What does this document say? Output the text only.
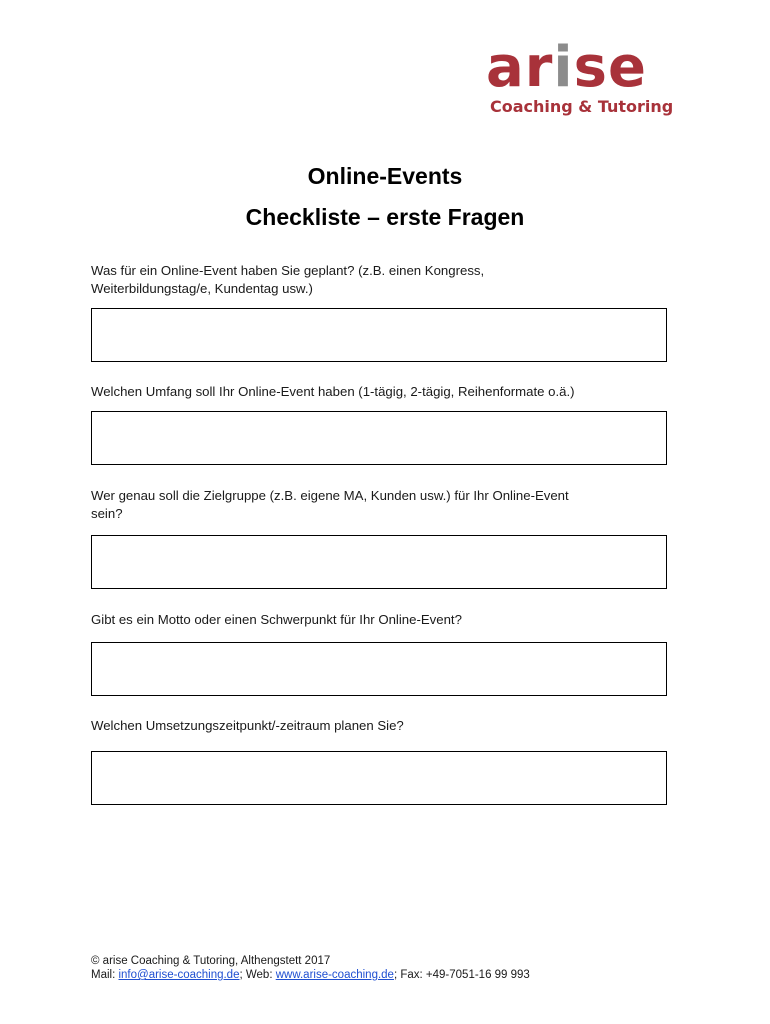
arise
Coaching & Tutoring
Online-Events
Checkliste – erste Fragen
Was für ein Online-Event haben Sie geplant? (z.B. einen Kongress,
Weiterbildungstag/e, Kundentag usw.)
Welchen Umfang soll Ihr Online-Event haben (1-tägig, 2-tägig, Reihenformate o.ä.)
Wer genau soll die Zielgruppe (z.B. eigene MA, Kunden usw.) für Ihr Online-Event
sein?
Gibt es ein Motto oder einen Schwerpunkt für Ihr Online-Event?
Welchen Umsetzungszeitpunkt/-zeitraum planen Sie?
© arise Coaching & Tutoring, Althengstett 2017
Mail: info@arise-coaching.de; Web: www.arise-coaching.de; Fax: +49-7051-16 99 993
